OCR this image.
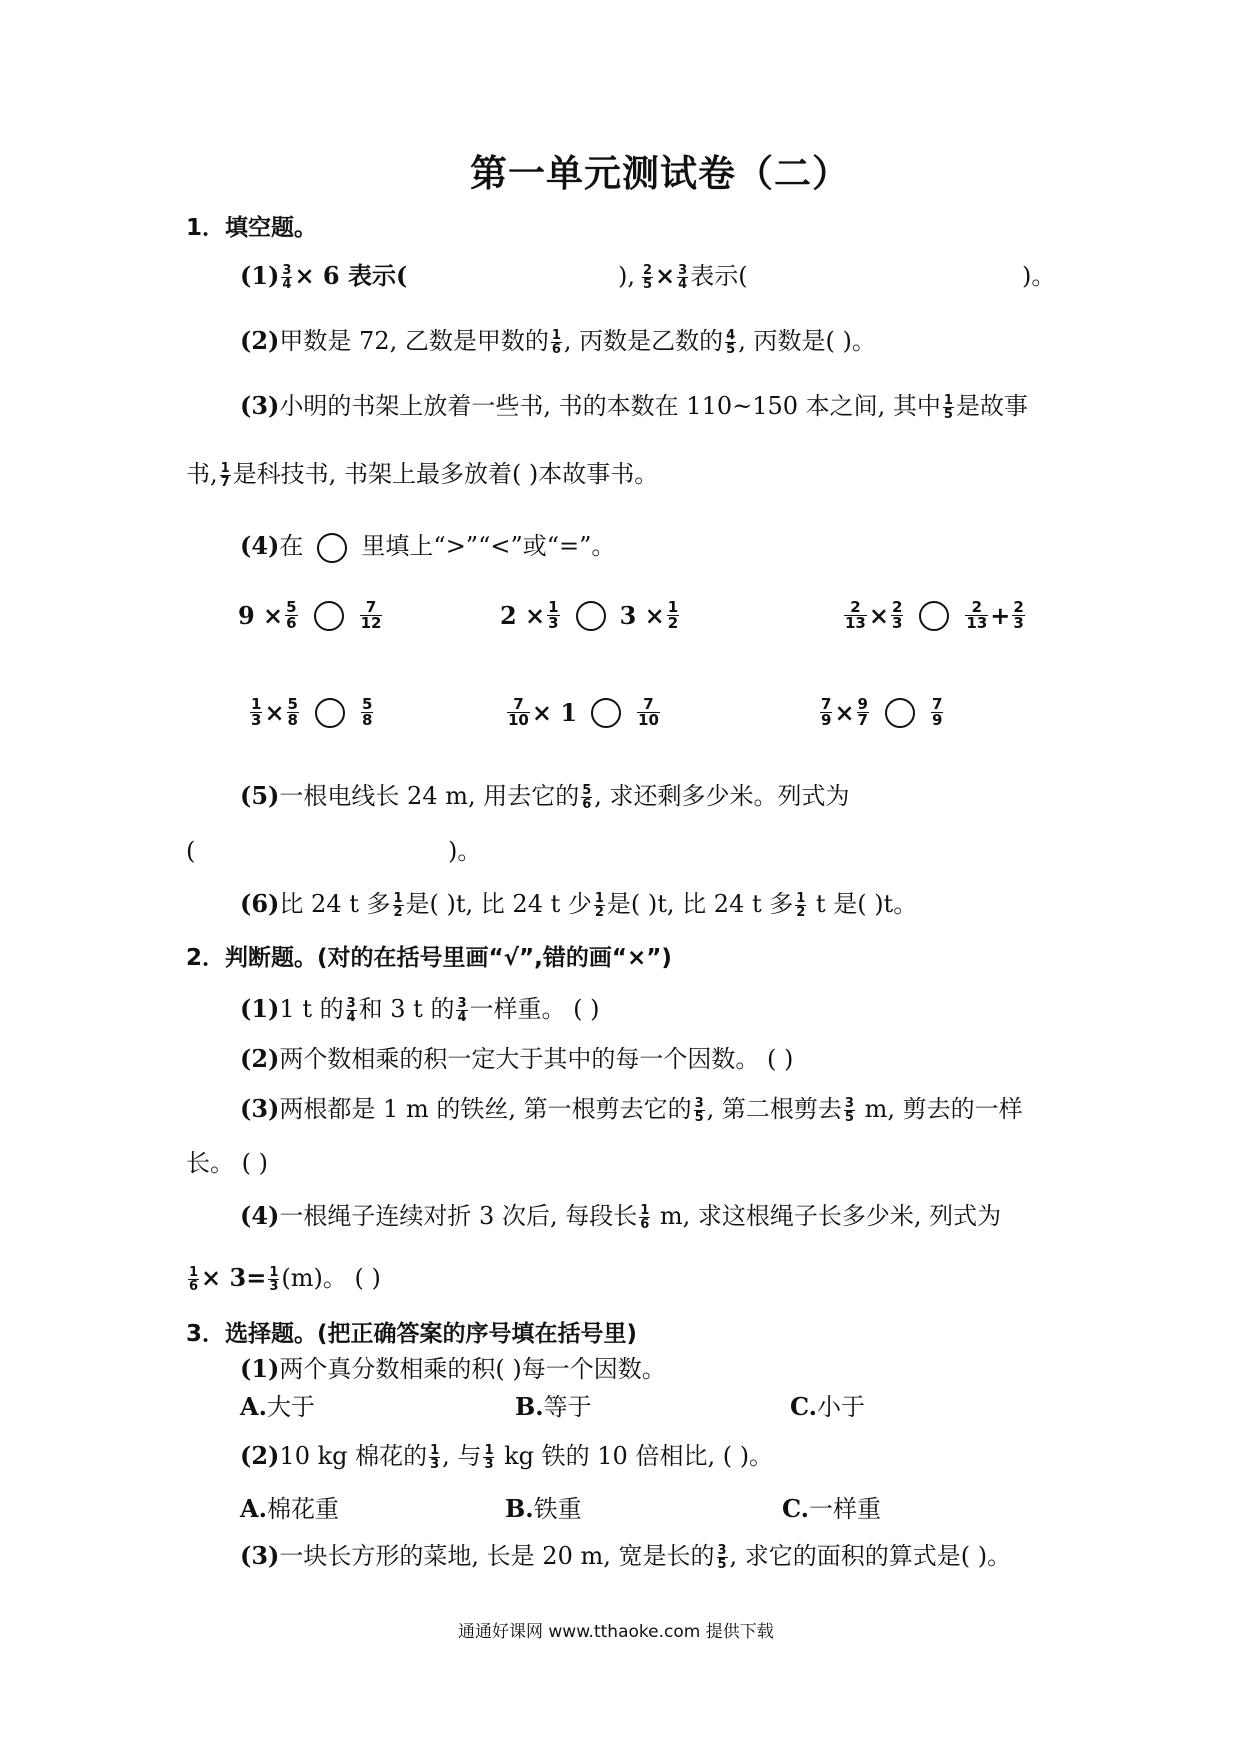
第一单元测试卷（二）
1．填空题。
$(1) \frac{3}{4} \times 6$ 表示(	), $\frac{2}{5} \times \frac{3}{4}$ 表示(	)。
(2)甲数是 72, 乙数是甲数的 $\frac{1}{6}$ , 丙数是乙数的 $\frac{4}{5}$ , 丙数是( )。
(3)小明的书架上放着一些书, 书的本数在 110~150 本之间, 其中 $\frac{1}{5}$ 是故事
书, $\frac{1}{7}$ 是科技书, 书架上最多放着( )本故事书。
(4)在 里填上“>”“<”或“=”。
$9 \times \frac{5}{6}$	$\frac{7}{12}$	$2 \times \frac{1}{3}$	$3 \times \frac{1}{2}$	$\frac{2}{13} \times \frac{2}{3}$	$\frac{2}{13} + \frac{2}{3}$
$\frac{1}{3} \times \frac{5}{8}$	$\frac{5}{8}$	$\frac{7}{10} \times 1$	$\frac{7}{10}$	$\frac{7}{9} \times \frac{9}{7}$	$\frac{7}{9}$
(5)一根电线长 24 m, 用去它的 $\frac{5}{6}$ , 求还剩多少米。列式为
(	)。
(6)比 24 t 多 $\frac{1}{2}$ 是( )t, 比 24 t 少 $\frac{1}{2}$ 是( )t, 比 24 t 多 $\frac{1}{2}$ t 是( )t。
2．判断题。(对的在括号里画“√”,错的画“×”)
(1)1 t 的 $\frac{3}{4}$ 和 3 t 的 $\frac{3}{4}$ 一样重。 ( )
(2)两个数相乘的积一定大于其中的每一个因数。 ( )
(3)两根都是 1 m 的铁丝, 第一根剪去它的 $\frac{3}{5}$ , 第二根剪去 $\frac{3}{5} m$, 剪去的一样
长。 ( )
(4)一根绳子连续对折 3 次后, 每段长 $\frac{1}{6} m$, 求这根绳子长多少米, 列式为
$\frac{1}{6} \times 3= \frac{1}{3} (m)$。 ( )
3．选择题。(把正确答案的序号填在括号里)
(1)两个真分数相乘的积( )每一个因数。
A.大于	B.等于	C.小于
(2)10 kg 棉花的 $\frac{1}{3}$ , 与 $\frac{1}{3}$ kg 铁的 10 倍相比, ( )。
A.棉花重	B.铁重	C.一样重
(3)一块长方形的菜地, 长是 20 m, 宽是长的 $\frac{3}{5}$ , 求它的面积的算式是( )。
通通好课网 www.tthaoke.com 提供下载
